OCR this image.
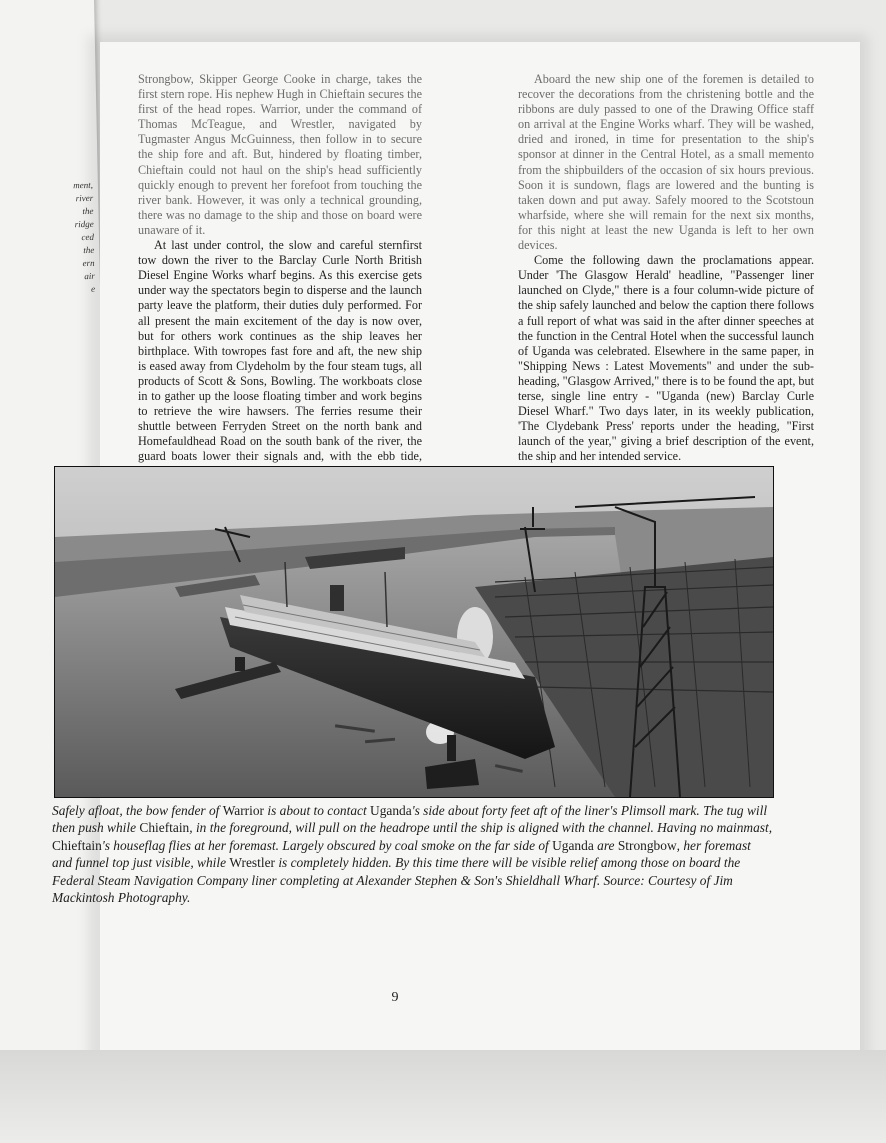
ment,
river
the
ridge
ced
the
ern
air
e

Strongbow, Skipper George Cooke in charge, takes the first stern rope. His nephew Hugh in Chieftain secures the first of the head ropes. Warrior, under the command of Thomas McTeague, and Wrestler, navigated by Tugmaster Angus McGuinness, then follow in to secure the ship fore and aft. But, hindered by floating timber, Chieftain could not haul on the ship's head sufficiently quickly enough to prevent her forefoot from touching the river bank. However, it was only a technical grounding, there was no damage to the ship and those on board were unaware of it.

At last under control, the slow and careful sternfirst tow down the river to the Barclay Curle North British Diesel Engine Works wharf begins. As this exercise gets under way the spectators begin to disperse and the launch party leave the platform, their duties duly performed. For all present the main excitement of the day is now over, but for others work continues as the ship leaves her birthplace. With towropes fast fore and aft, the new ship is eased away from Clydeholm by the four steam tugs, all products of Scott & Sons, Bowling. The workboats close in to gather up the loose floating timber and work begins to retrieve the wire hawsers. The ferries resume their shuttle between Ferryden Street on the north bank and Homefauldhead Road on the south bank of the river, the guard boats lower their signals and, with the ebb tide,

Aboard the new ship one of the foremen is detailed to recover the decorations from the christening bottle and the ribbons are duly passed to one of the Drawing Office staff on arrival at the Engine Works wharf. They will be washed, dried and ironed, in time for presentation to the ship's sponsor at dinner in the Central Hotel, as a small memento from the shipbuilders of the occasion of six hours previous. Soon it is sundown, flags are lowered and the bunting is taken down and put away. Safely moored to the Scotstoun wharfside, where she will remain for the next six months, for this night at least the new Uganda is left to her own devices.

Come the following dawn the proclamations appear. Under 'The Glasgow Herald' headline, "Passenger liner launched on Clyde," there is a four column-wide picture of the ship safely launched and below the caption there follows a full report of what was said in the after dinner speeches at the function in the Central Hotel when the successful launch of Uganda was celebrated. Elsewhere in the same paper, in "Shipping News : Latest Movements" and under the sub-heading, "Glasgow Arrived," there is to be found the apt, but terse, single line entry - "Uganda (new) Barclay Curle Diesel Wharf." Two days later, in its weekly publication, 'The Clydebank Press' reports under the heading, "First launch of the year," giving a brief description of the event, the ship and her intended service.

Safely afloat, the bow fender of Warrior is about to contact Uganda's side about forty feet aft of the liner's Plimsoll mark. The tug will then push while Chieftain, in the foreground, will pull on the headrope until the ship is aligned with the channel. Having no mainmast, Chieftain's houseflag flies at her foremast. Largely obscured by coal smoke on the far side of Uganda are Strongbow, her foremast and funnel top just visible, while Wrestler is completely hidden. By this time there will be visible relief among those on board the Federal Steam Navigation Company liner completing at Alexander Stephen & Son's Shieldhall Wharf. Source: Courtesy of Jim Mackintosh Photography.
9
